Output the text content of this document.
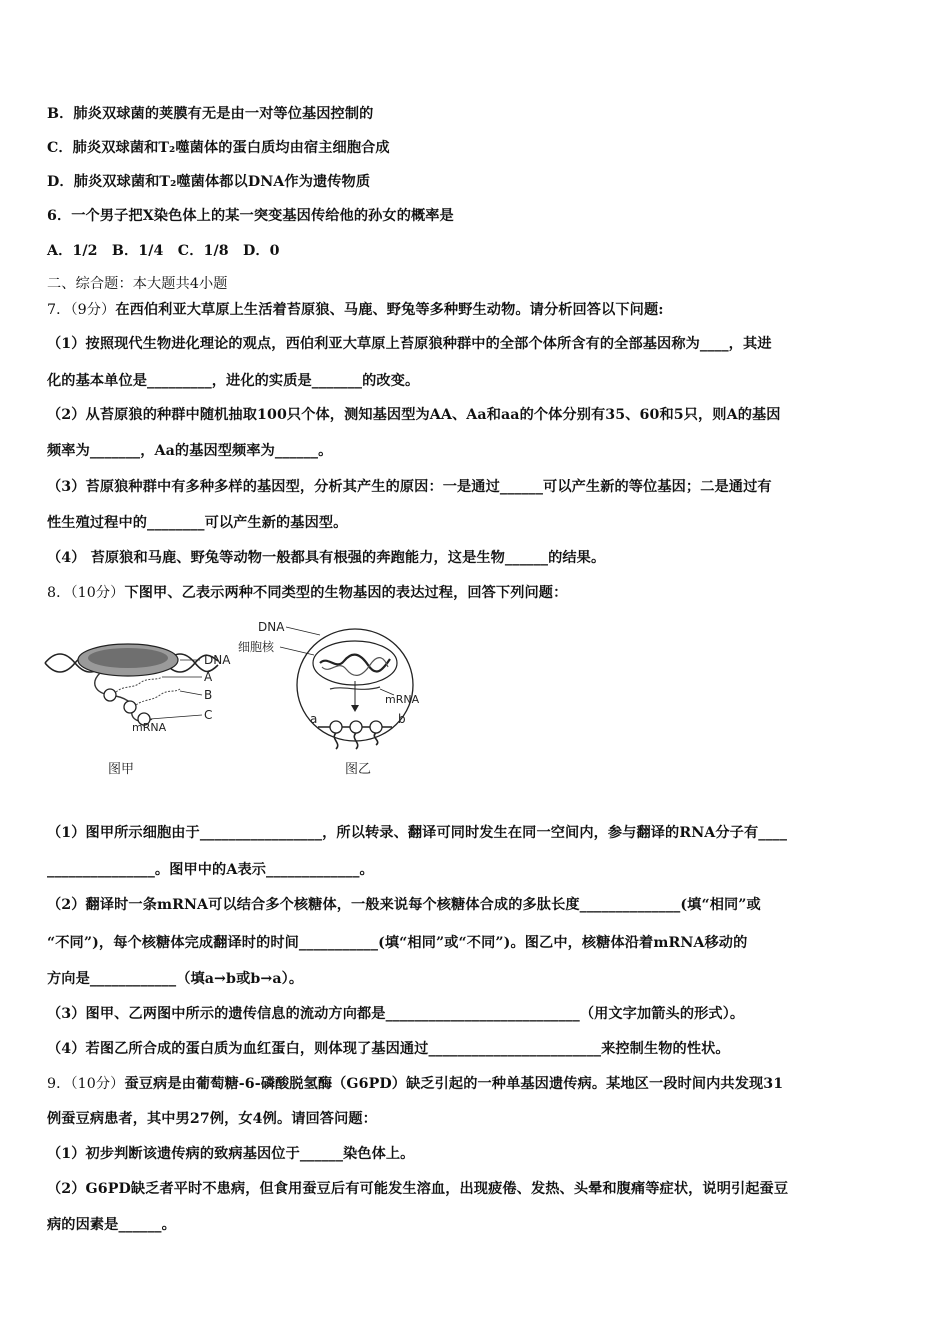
B．肺炎双球菌的荚膜有无是由一对等位基因控制的
C．肺炎双球菌和T₂噬菌体的蛋白质均由宿主细胞合成
D．肺炎双球菌和T₂噬菌体都以DNA作为遗传物质
6．一个男子把X染色体上的某一突变基因传给他的孙女的概率是
A．1/2　B．1/4　C．1/8　D．0
二、综合题：本大题共4小题
7．（9分）在西伯利亚大草原上生活着苔原狼、马鹿、野兔等多种野生动物。请分析回答以下问题:
（1）按照现代生物进化理论的观点，西伯利亚大草原上苔原狼种群中的全部个体所含有的全部基因称为____，其进
化的基本单位是_________，进化的实质是_______的改变。
（2）从苔原狼的种群中随机抽取100只个体，测知基因型为AA、Aa和aa的个体分别有35、60和5只，则A的基因
频率为_______，Aa的基因型频率为______。
（3）苔原狼种群中有多种多样的基因型，分析其产生的原因：一是通过______可以产生新的等位基因；二是通过有
性生殖过程中的________可以产生新的基因型。
（4） 苔原狼和马鹿、野兔等动物一般都具有根强的奔跑能力，这是生物______的结果。
8．（10分）下图甲、乙表示两种不同类型的生物基因的表达过程，回答下列问题：
DNA
A
B
C
mRNA
图甲
DNA
细胞核
mRNA
a	b
图乙
（1）图甲所示细胞由于_________________，所以转录、翻译可同时发生在同一空间内，参与翻译的RNA分子有____
_______________。图甲中的A表示_____________。
（2）翻译时一条mRNA可以结合多个核糖体，一般来说每个核糖体合成的多肽长度______________(填“相同”或
“不同”)，每个核糖体完成翻译时的时间___________(填“相同”或“不同”)。图乙中，核糖体沿着mRNA移动的
方向是____________（填a→b或b→a）。
（3）图甲、乙两图中所示的遗传信息的流动方向都是___________________________（用文字加箭头的形式）。
（4）若图乙所合成的蛋白质为血红蛋白，则体现了基因通过________________________来控制生物的性状。
9．（10分）蚕豆病是由葡萄糖-6-磷酸脱氢酶（G6PD）缺乏引起的一种单基因遗传病。某地区一段时间内共发现31
例蚕豆病患者，其中男27例，女4例。请回答问题：
（1）初步判断该遗传病的致病基因位于______染色体上。
（2）G6PD缺乏者平时不患病，但食用蚕豆后有可能发生溶血，出现疲倦、发热、头晕和腹痛等症状，说明引起蚕豆
病的因素是______。
